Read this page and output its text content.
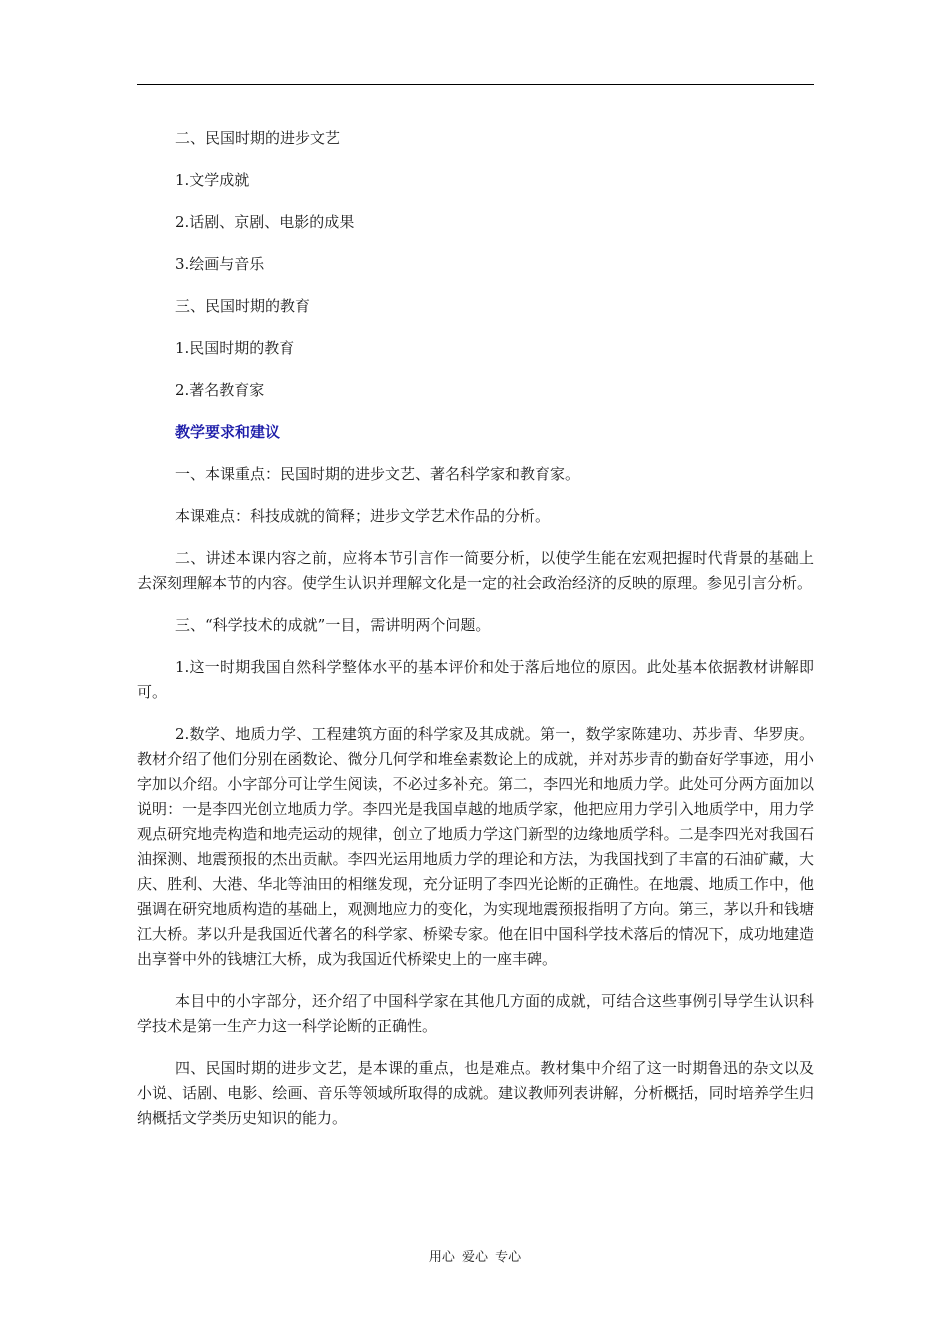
二、民国时期的进步文艺
1.文学成就
2.话剧、京剧、电影的成果
3.绘画与音乐
三、民国时期的教育
1.民国时期的教育
2.著名教育家
教学要求和建议
一、本课重点：民国时期的进步文艺、著名科学家和教育家。
本课难点：科技成就的简释；进步文学艺术作品的分析。

二、讲述本课内容之前，应将本节引言作一简要分析，以使学生能在宏观把握时代背景的基础上去深刻理解本节的内容。使学生认识并理解文化是一定的社会政治经济的反映的原理。参见引言分析。

三、“科学技术的成就”一目，需讲明两个问题。

1.这一时期我国自然科学整体水平的基本评价和处于落后地位的原因。此处基本依据教材讲解即可。

2.数学、地质力学、工程建筑方面的科学家及其成就。第一，数学家陈建功、苏步青、华罗庚。教材介绍了他们分别在函数论、微分几何学和堆垒素数论上的成就，并对苏步青的勤奋好学事迹，用小字加以介绍。小字部分可让学生阅读，不必过多补充。第二，李四光和地质力学。此处可分两方面加以说明：一是李四光创立地质力学。李四光是我国卓越的地质学家，他把应用力学引入地质学中，用力学观点研究地壳构造和地壳运动的规律，创立了地质力学这门新型的边缘地质学科。二是李四光对我国石油探测、地震预报的杰出贡献。李四光运用地质力学的理论和方法，为我国找到了丰富的石油矿藏，大庆、胜利、大港、华北等油田的相继发现，充分证明了李四光论断的正确性。在地震、地质工作中，他强调在研究地质构造的基础上，观测地应力的变化，为实现地震预报指明了方向。第三，茅以升和钱塘江大桥。茅以升是我国近代著名的科学家、桥梁专家。他在旧中国科学技术落后的情况下，成功地建造出享誉中外的钱塘江大桥，成为我国近代桥梁史上的一座丰碑。

本目中的小字部分，还介绍了中国科学家在其他几方面的成就，可结合这些事例引导学生认识科学技术是第一生产力这一科学论断的正确性。

四、民国时期的进步文艺，是本课的重点，也是难点。教材集中介绍了这一时期鲁迅的杂文以及小说、话剧、电影、绘画、音乐等领域所取得的成就。建议教师列表讲解，分析概括，同时培养学生归纳概括文学类历史知识的能力。

用心 爱心 专心
